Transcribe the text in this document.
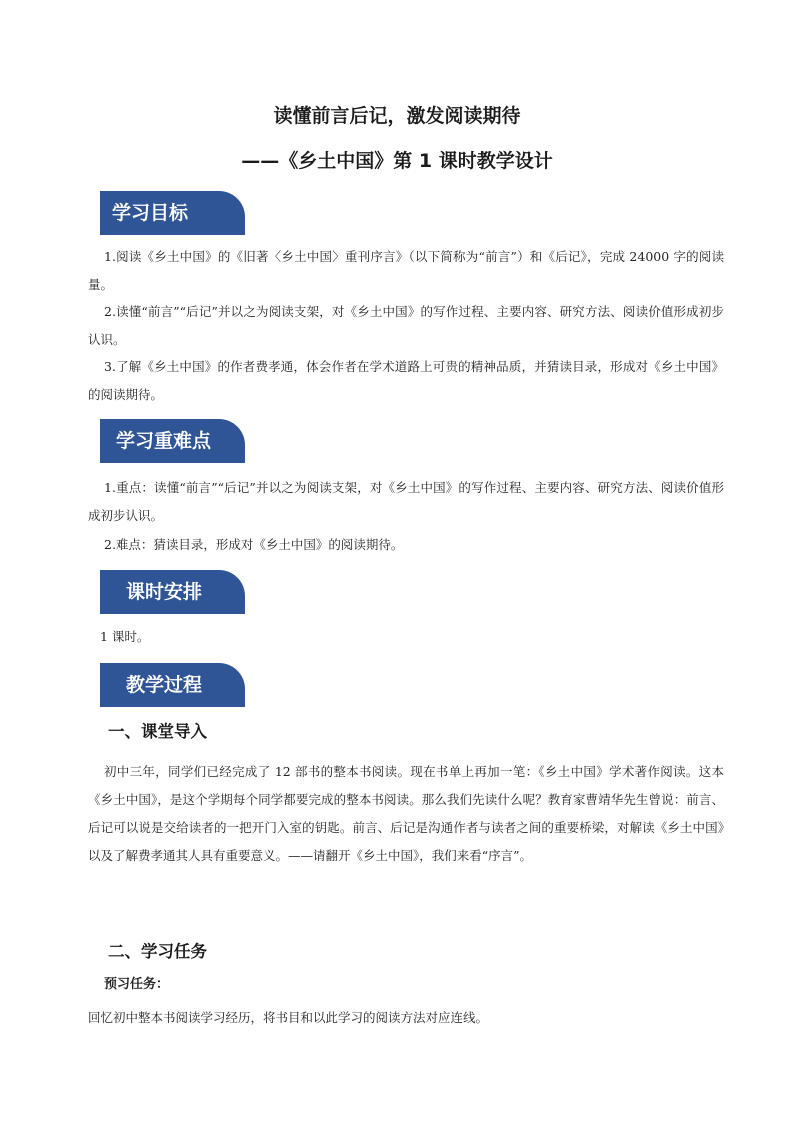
读懂前言后记，激发阅读期待
——《乡土中国》第 1 课时教学设计
学习目标

1.阅读《乡土中国》的《旧著〈乡土中国〉重刊序言》（以下简称为“前言”）和《后记》，完成 24000 字的阅读量。

2.读懂“前言”“后记”并以之为阅读支架，对《乡土中国》的写作过程、主要内容、研究方法、阅读价值形成初步认识。

3.了解《乡土中国》的作者费孝通，体会作者在学术道路上可贵的精神品质，并猜读目录，形成对《乡土中国》的阅读期待。

学习重难点

1.重点：读懂“前言”“后记”并以之为阅读支架，对《乡土中国》的写作过程、主要内容、研究方法、阅读价值形成初步认识。

2.难点：猜读目录，形成对《乡土中国》的阅读期待。

课时安排

1 课时。

教学过程
一、课堂导入

初中三年，同学们已经完成了 12 部书的整本书阅读。现在书单上再加一笔：《乡土中国》学术著作阅读。这本《乡土中国》，是这个学期每个同学都要完成的整本书阅读。那么我们先读什么呢？教育家曹靖华先生曾说：前言、后记可以说是交给读者的一把开门入室的钥匙。前言、后记是沟通作者与读者之间的重要桥梁，对解读《乡土中国》以及了解费孝通其人具有重要意义。——请翻开《乡土中国》，我们来看“序言”。

二、学习任务

预习任务：

回忆初中整本书阅读学习经历，将书目和以此学习的阅读方法对应连线。
